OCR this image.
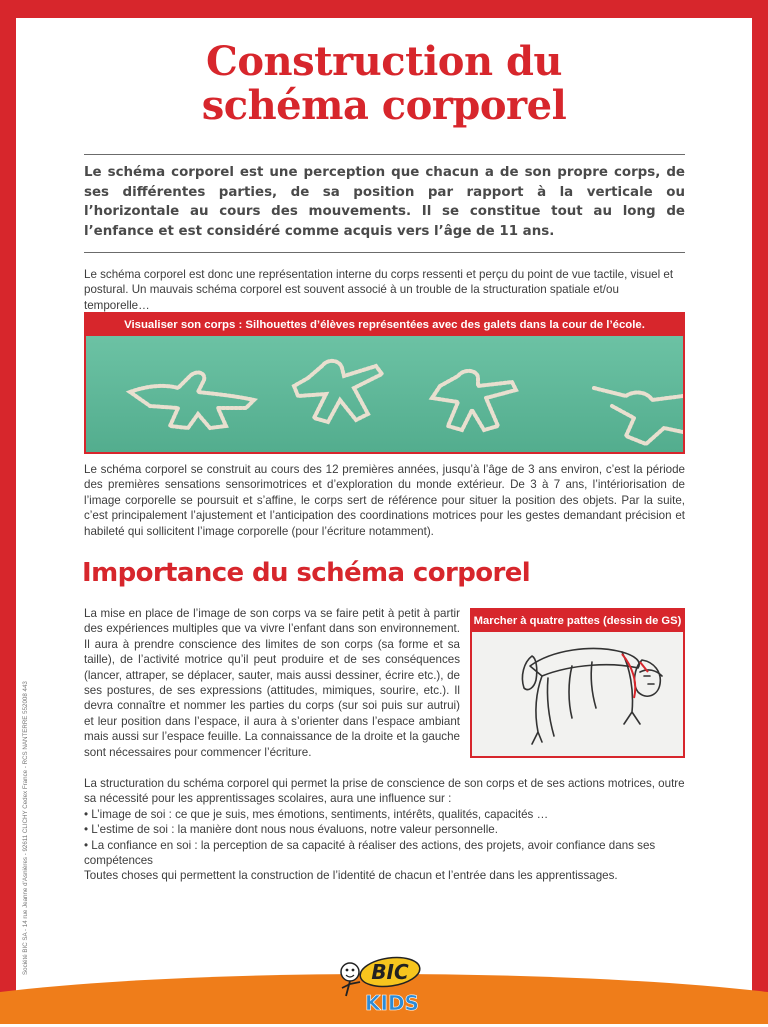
Construction du
schéma corporel
Le schéma corporel est une perception que chacun a de son propre corps, de ses différentes parties, de sa position par rapport à la verticale ou l’horizontale au cours des mouvements. Il se constitue tout au long de l’enfance et est considéré comme acquis vers l’âge de 11 ans.
Le schéma corporel est donc une représentation interne du corps ressenti et perçu du point de vue tactile, visuel et postural. Un mauvais schéma corporel est souvent associé à un trouble de la structuration spatiale et/ou temporelle…
Visualiser son corps : Silhouettes d’élèves représentées avec des galets dans la cour de l’école.
Le schéma corporel se construit au cours des 12 premières années, jusqu’à l’âge de 3 ans environ, c’est la période des premières sensations sensorimotrices et d’exploration du monde extérieur. De 3 à 7 ans, l’intériorisation de l’image corporelle se poursuit et s’affine, le corps sert de référence pour situer la position des objets. Par la suite, c’est principalement l’ajustement et l’anticipation des coordinations motrices pour les gestes demandant précision et habileté qui sollicitent l’image corporelle (pour l’écriture notamment).
Importance du schéma corporel
La mise en place de l’image de son corps va se faire petit à petit à partir des expériences multiples que va vivre l’enfant dans son environnement. Il aura à prendre conscience des limites de son corps (sa forme et sa taille), de l’activité motrice qu’il peut produire et de ses conséquences (lancer, attraper, se déplacer, sauter, mais aussi dessiner, écrire etc.), de ses postures, de ses expressions (attitudes, mimiques, sourire, etc.). Il devra connaître et nommer les parties du corps (sur soi puis sur autrui) et leur position dans l’espace, il aura à s’orienter dans l’espace ambiant mais aussi sur l’espace feuille. La connaissance de la droite et la gauche sont nécessaires pour commencer l’écriture.
Marcher à quatre pattes (dessin de GS)
La structuration du schéma corporel qui permet la prise de conscience de son corps et de ses actions motrices, outre sa nécessité pour les apprentissages scolaires, aura une influence sur :
• L’image de soi : ce que je suis, mes émotions, sentiments, intérêts, qualités, capacités …
• L’estime de soi : la manière dont nous nous évaluons, notre valeur personnelle.
• La confiance en soi : la perception de sa capacité à réaliser des actions, des projets, avoir confiance dans ses compétences
Toutes choses qui permettent la construction de l’identité de chacun et l’entrée dans les apprentissages.
Société BIC SA - 14 rue Jeanne d’Asnières - 92611 CLICHY Cedex France - RCS NANTERRE 552008 443	BIC
KIDS
